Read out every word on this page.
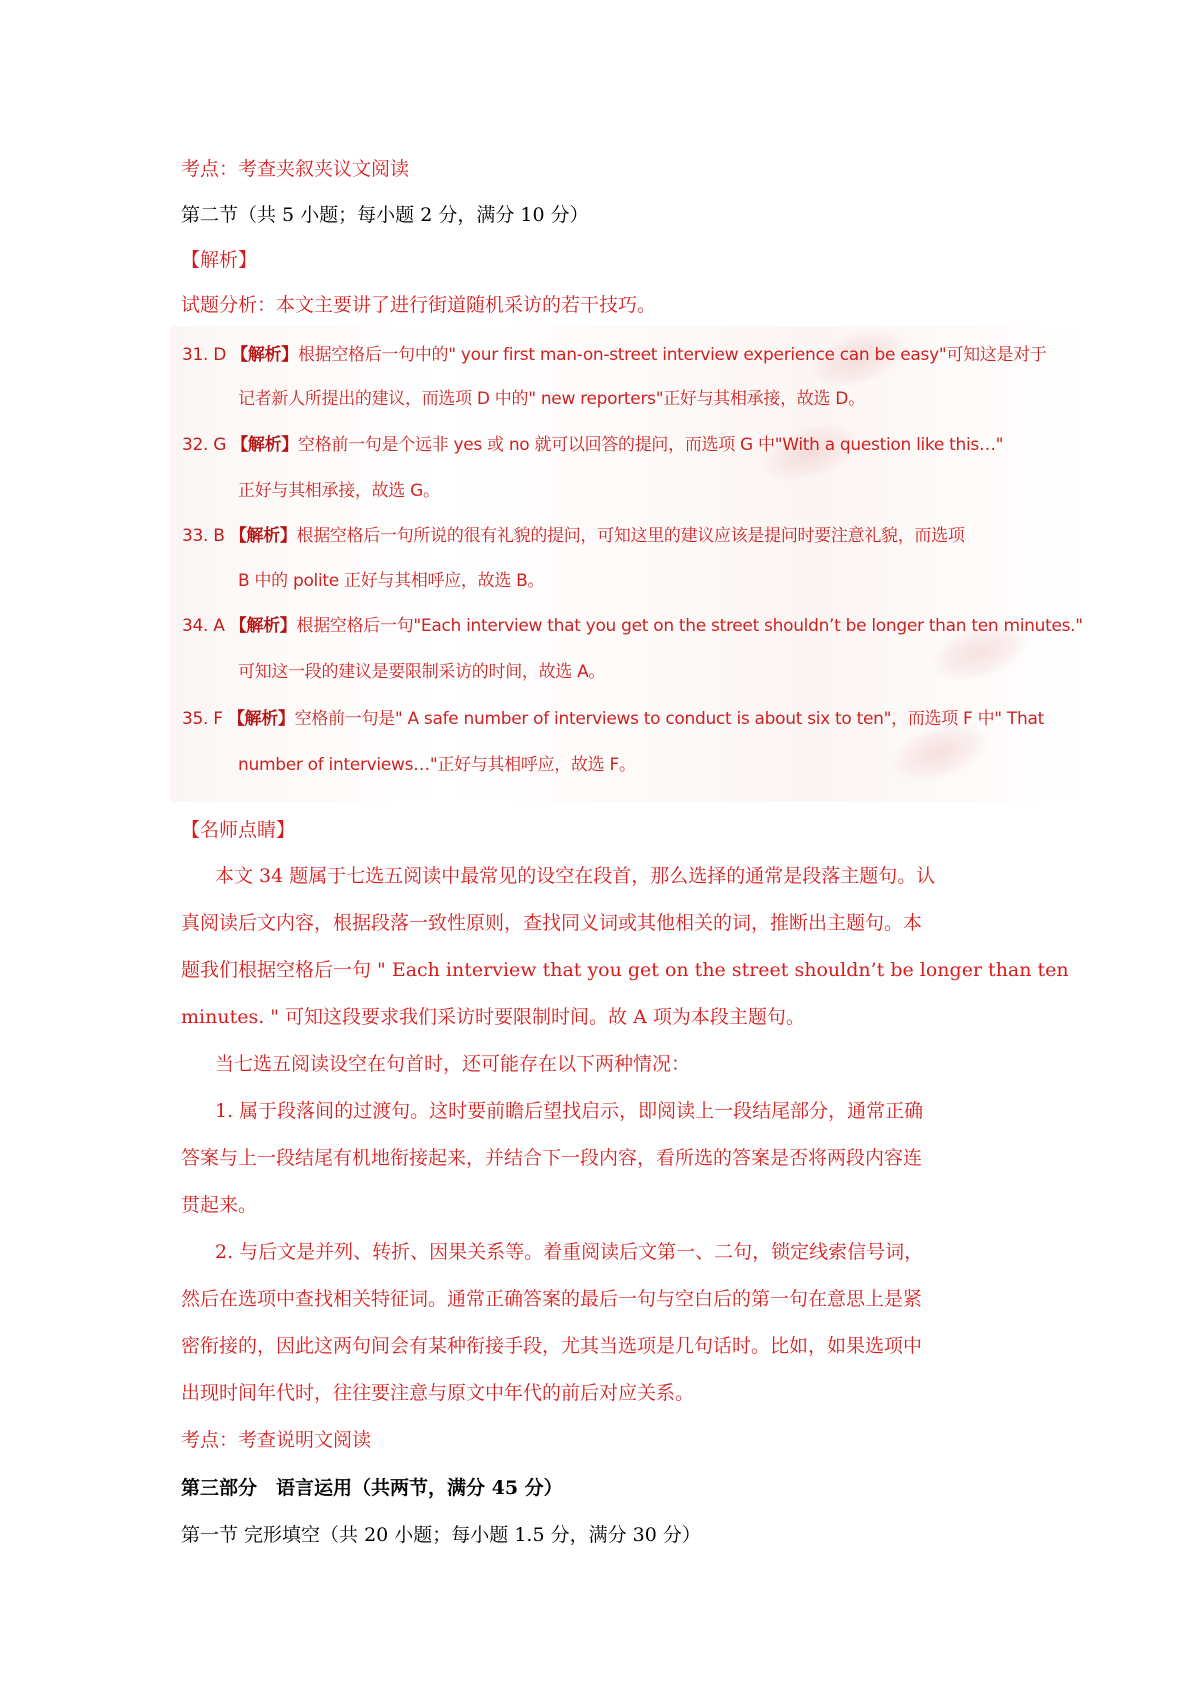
考点：考查夹叙夹议文阅读
第二节（共 5 小题；每小题 2 分，满分 10 分）
【解析】
试题分析：本文主要讲了进行街道随机采访的若干技巧。
31. D 【解析】根据空格后一句中的" your first man-on-street interview experience can be easy"可知这是对于
记者新人所提出的建议，而选项 D 中的" new reporters"正好与其相承接，故选 D。
32. G 【解析】空格前一句是个远非 yes 或 no 就可以回答的提问，而选项 G 中"With a question like this…"
正好与其相承接，故选 G。
33. B 【解析】根据空格后一句所说的很有礼貌的提问，可知这里的建议应该是提问时要注意礼貌，而选项
B 中的 polite 正好与其相呼应，故选 B。
34. A 【解析】根据空格后一句"Each interview that you get on the street shouldn’t be longer than ten minutes."
可知这一段的建议是要限制采访的时间，故选 A。
35. F 【解析】空格前一句是" A safe number of interviews to conduct is about six to ten"，而选项 F 中" That
number of interviews…"正好与其相呼应，故选 F。
【名师点睛】
本文 34 题属于七选五阅读中最常见的设空在段首，那么选择的通常是段落主题句。认
真阅读后文内容，根据段落一致性原则，查找同义词或其他相关的词，推断出主题句。本
题我们根据空格后一句 " Each interview that you get on the street shouldn’t be longer than ten
minutes. " 可知这段要求我们采访时要限制时间。故 A 项为本段主题句。
当七选五阅读设空在句首时，还可能存在以下两种情况：
1. 属于段落间的过渡句。这时要前瞻后望找启示，即阅读上一段结尾部分，通常正确
答案与上一段结尾有机地衔接起来，并结合下一段内容，看所选的答案是否将两段内容连
贯起来。
2. 与后文是并列、转折、因果关系等。着重阅读后文第一、二句，锁定线索信号词，
然后在选项中查找相关特征词。通常正确答案的最后一句与空白后的第一句在意思上是紧
密衔接的，因此这两句间会有某种衔接手段，尤其当选项是几句话时。比如，如果选项中
出现时间年代时，往往要注意与原文中年代的前后对应关系。
考点：考查说明文阅读
第三部分　语言运用（共两节，满分 45 分）
第一节 完形填空（共 20 小题；每小题 1.5 分，满分 30 分）
